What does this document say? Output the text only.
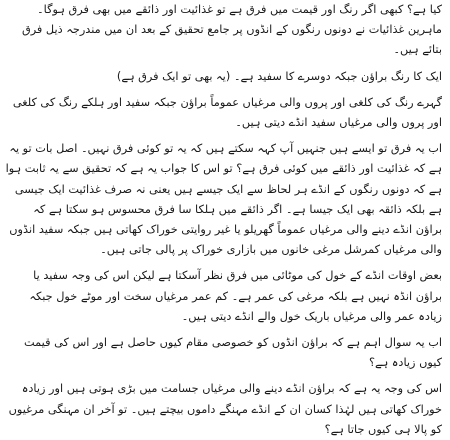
کیا ہے؟ کبھی اگر رنگ اور قیمت میں فرق ہے تو غذائیت اور ذائقے میں بھی فرق ہوگا۔ ماہرین غذائیات نے دونوں رنگوں کے انڈوں پر جامع تحقیق کے بعد ان میں مندرجہ ذیل فرق بتائے ہیں۔

ایک کا رنگ براؤن جبکہ دوسرے کا سفید ہے۔ (یہ بھی تو ایک فرق ہے)

گہرے رنگ کی کلغی اور پروں والی مرغیاں عموماً براؤن جبکہ سفید اور ہلکے رنگ کی کلغی اور پروں والی مرغیاں سفید انڈے دیتی ہیں۔

اب یہ فرق تو ایسے ہیں جنہیں آپ کہہ سکتے ہیں کہ یہ تو کوئی فرق نہیں۔ اصل بات تو یہ ہے کہ غذائیت اور ذائقے میں کوئی فرق ہے؟ تو اس کا جواب یہ ہے کہ تحقیق سے یہ ثابت ہوا ہے کہ دونوں رنگوں کے انڈے ہر لحاظ سے ایک جیسے ہیں یعنی نہ صرف غذائیت ایک جیسی ہے بلکہ ذائقہ بھی ایک جیسا ہے۔ اگر ذائقے میں ہلکا سا فرق محسوس ہو سکتا ہے کہ براؤن انڈے دینے والی مرغیاں عموماً گھریلو یا غیر روایتی خوراک کھاتی ہیں جبکہ سفید انڈوں والی مرغیاں کمرشل مرغی خانوں میں بازاری خوراک پر پالی جاتی ہیں۔

بعض اوقات انڈے کے خول کی موٹائی میں فرق نظر آسکتا ہے لیکن اس کی وجہ سفید یا براؤن انڈہ نہیں ہے بلکہ مرغی کی عمر ہے۔ کم عمر مرغیاں سخت اور موٹے خول جبکہ زیادہ عمر والی مرغیاں باریک خول والے انڈے دیتی ہیں۔

اب یہ سوال اہم ہے کہ براؤن انڈوں کو خصوصی مقام کیوں حاصل ہے اور اس کی قیمت کیوں زیادہ ہے؟

اس کی وجہ یہ ہے کہ براؤن انڈے دینے والی مرغیاں جسامت میں بڑی ہوتی ہیں اور زیادہ خوراک کھاتی ہیں لہٰذا کسان ان کے انڈے مہنگے داموں بیچتے ہیں۔ تو آخر ان مہنگی مرغیوں کو پالا ہی کیوں جاتا ہے؟
